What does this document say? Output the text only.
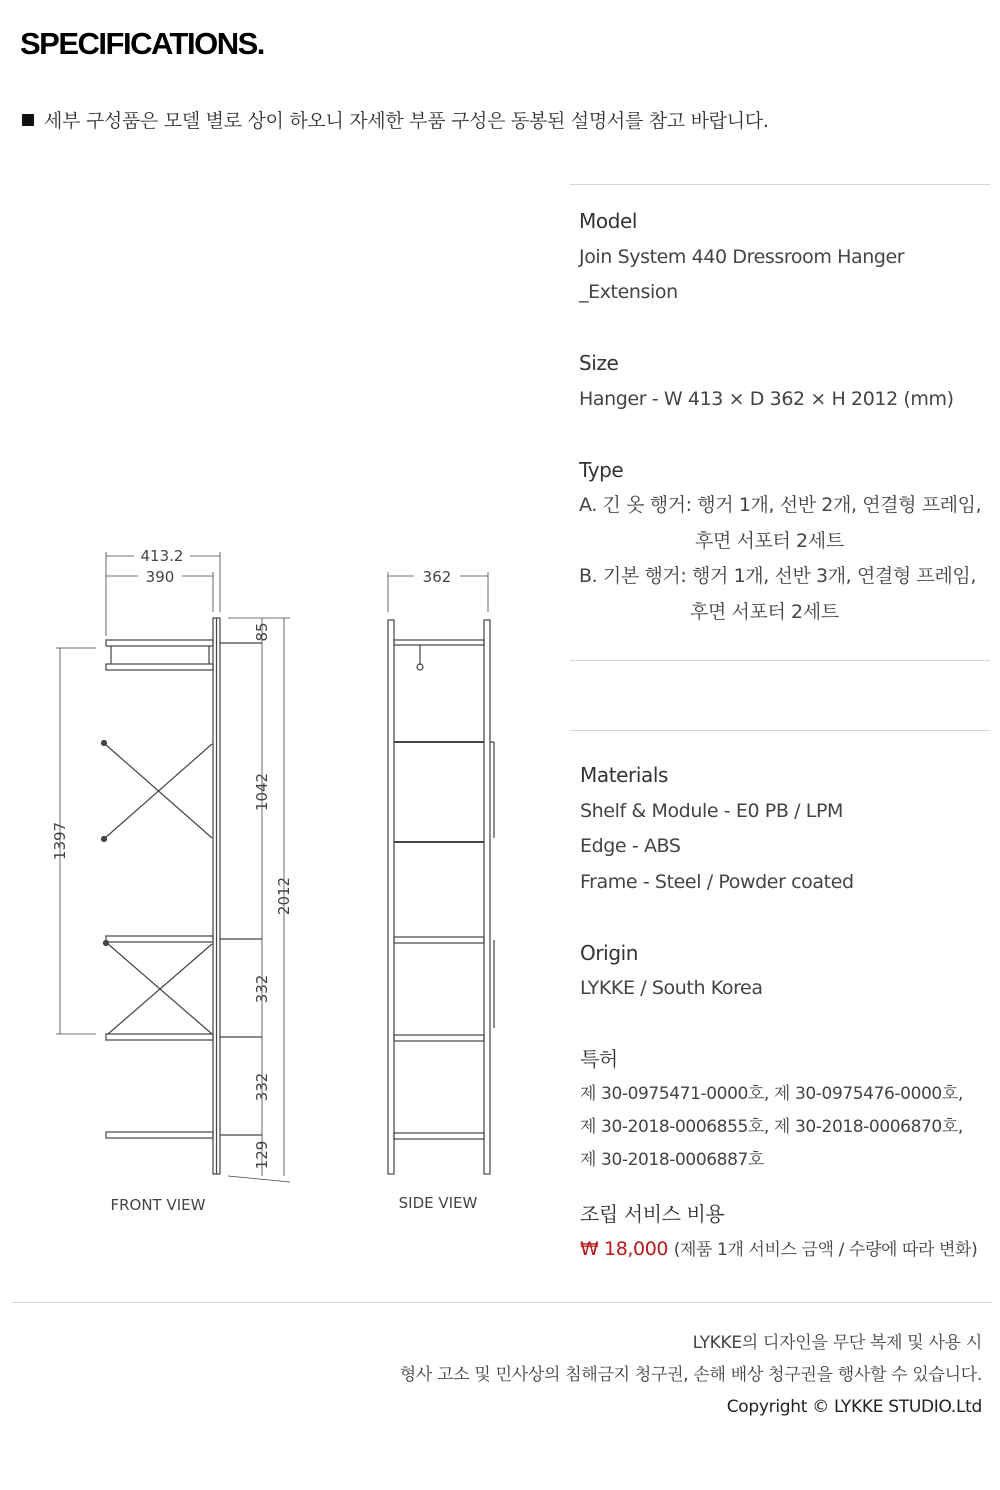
SPECIFICATIONS.
세부 구성품은 모델 별로 상이 하오니 자세한 부품 구성은 동봉된 설명서를 참고 바랍니다.
413.2
390	362
85
1042
2012
1397
332
332
129
FRONT VIEW	SIDE VIEW
Model
Join System 440 Dressroom Hanger
_Extension
Size
Hanger - W 413 × D 362 × H 2012 (mm)
Type
A. 긴 옷 행거: 행거 1개, 선반 2개, 연결형 프레임,
후면 서포터 2세트
B. 기본 행거: 행거 1개, 선반 3개, 연결형 프레임,
후면 서포터 2세트
Materials
Shelf & Module - E0 PB / LPM
Edge - ABS
Frame - Steel / Powder coated
Origin
LYKKE / South Korea
특허
제 30-0975471-0000호, 제 30-0975476-0000호,
제 30-2018-0006855호, 제 30-2018-0006870호,
제 30-2018-0006887호
조립 서비스 비용
₩ 18,000 (제품 1개 서비스 금액 / 수량에 따라 변화)
LYKKE의 디자인을 무단 복제 및 사용 시
형사 고소 및 민사상의 침해금지 청구권, 손해 배상 청구권을 행사할 수 있습니다.
Copyright © LYKKE STUDIO.Ltd
